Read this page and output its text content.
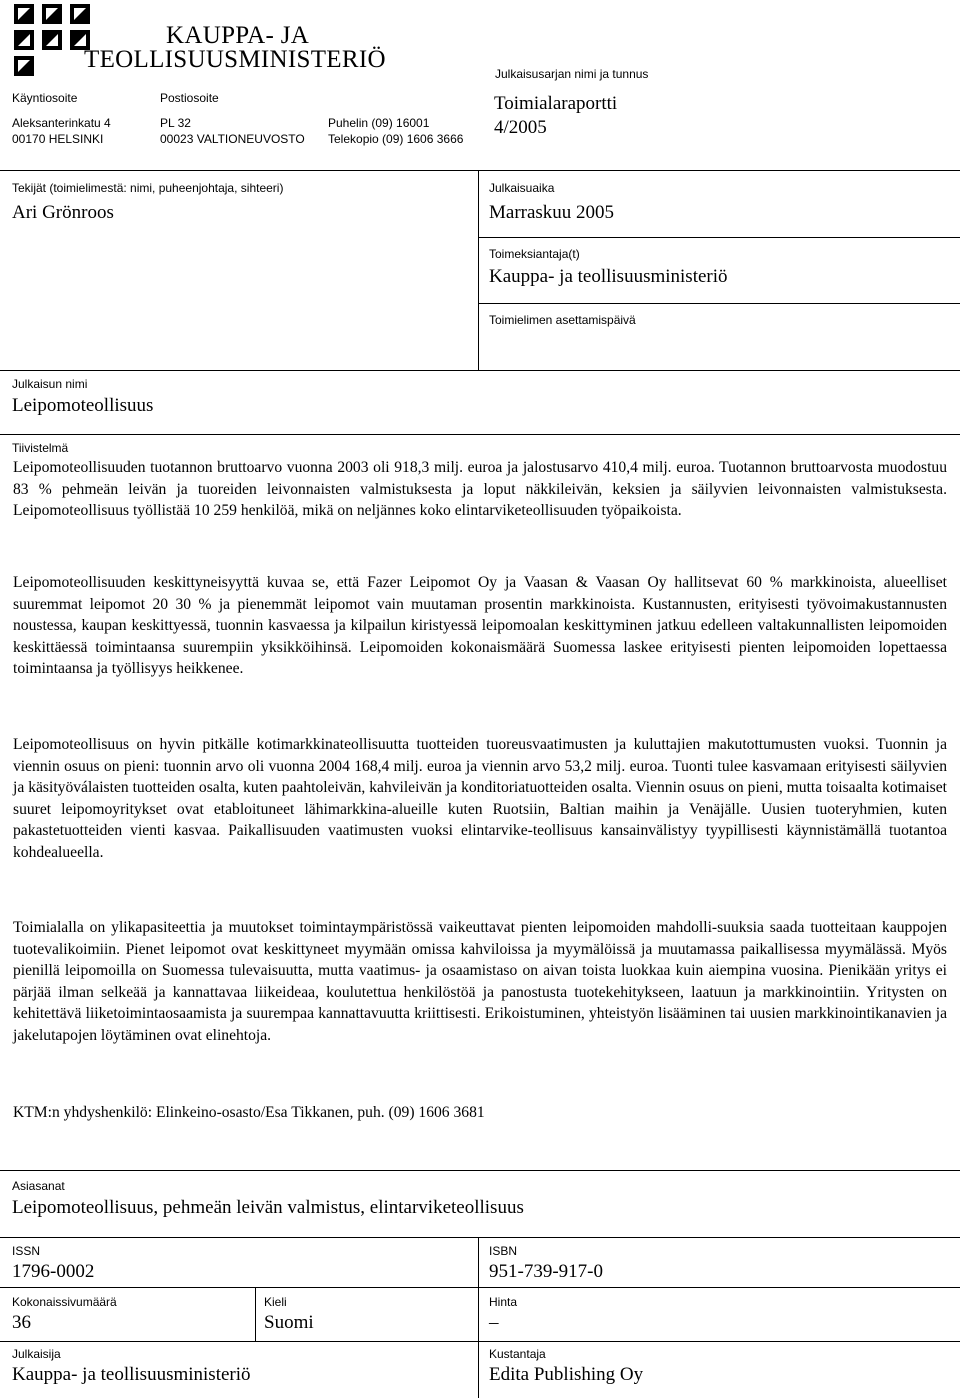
KAUPPA- JA
TEOLLISUUSMINISTERIÖ
Käyntiosoite
Aleksanterinkatu 4
00170 HELSINKI
Postiosoite
PL 32
00023 VALTIONEUVOSTO
Puhelin (09) 16001
Telekopio (09) 1606 3666
Julkaisusarjan nimi ja tunnus
Toimialaraportti
4/2005
Tekijät (toimielimestä: nimi, puheenjohtaja, sihteeri)
Ari Grönroos
Julkaisuaika
Marraskuu 2005
Toimeksiantaja(t)
Kauppa- ja teollisuusministeriö
Toimielimen asettamispäivä
Julkaisun nimi
Leipomoteollisuus
Tiivistelmä
Leipomoteollisuuden tuotannon bruttoarvo vuonna 2003 oli 918,3 milj. euroa ja jalostusarvo 410,4 milj. euroa. Tuotannon bruttoarvosta muodostuu 83 % pehmeän leivän ja tuoreiden leivonnaisten valmistuksesta ja loput näkkileivän, keksien ja säilyvien leivonnaisten valmistuksesta. Leipomoteollisuus työllistää 10 259 henkilöä, mikä on neljännes koko elintarviketeollisuuden työpaikoista.
Leipomoteollisuuden keskittyneisyyttä kuvaa se, että Fazer Leipomot Oy ja Vaasan & Vaasan Oy hallitsevat 60 % markkinoista, alueelliset suuremmat leipomot 20 30 % ja pienemmät leipomot vain muutaman prosentin markkinoista. Kustannusten, erityisesti työvoimakustannusten noustessa, kaupan keskittyessä, tuonnin kasvaessa ja kilpailun kiristyessä leipomoalan keskittyminen jatkuu edelleen valtakunnallisten leipomoiden keskittäessä toimintaansa suurempiin yksikköihinsä. Leipomoiden kokonaismäärä Suomessa laskee erityisesti pienten leipomoiden lopettaessa toimintaansa ja työllisyys heikkenee.
Leipomoteollisuus on hyvin pitkälle kotimarkkinateollisuutta tuotteiden tuoreusvaatimusten ja kuluttajien makutottumusten vuoksi. Tuonnin ja viennin osuus on pieni: tuonnin arvo oli vuonna 2004 168,4 milj. euroa ja viennin arvo 53,2 milj. euroa. Tuonti tulee kasvamaan erityisesti säilyvien ja käsityöválaisten tuotteiden osalta, kuten paahtoleivän, kahvileivän ja konditoriatuotteiden osalta. Viennin osuus on pieni, mutta toisaalta kotimaiset suuret leipomoyritykset ovat etabloituneet lähimarkkina-alueille kuten Ruotsiin, Baltian maihin ja Venäjälle. Uusien tuoteryhmien, kuten pakastetuotteiden vienti kasvaa. Paikallisuuden vaatimusten vuoksi elintarvike-teollisuus kansainvälistyy tyypillisesti käynnistämällä tuotantoa kohdealueella.
Toimialalla on ylikapasiteettia ja muutokset toimintaympäristössä vaikeuttavat pienten leipomoiden mahdolli-suuksia saada tuotteitaan kauppojen tuotevalikoimiin. Pienet leipomot ovat keskittyneet myymään omissa kahviloissa ja myymälöissä ja muutamassa paikallisessa myymälässä. Myös pienillä leipomoilla on Suomessa tulevaisuutta, mutta vaatimus- ja osaamistaso on aivan toista luokkaa kuin aiempina vuosina. Pienikään yritys ei pärjää ilman selkeää ja kannattavaa liikeideaa, koulutettua henkilöstöä ja panostusta tuotekehitykseen, laatuun ja markkinointiin. Yritysten on kehitettävä liiketoimintaosaamista ja suurempaa kannattavuutta kriittisesti. Erikoistuminen, yhteistyön lisääminen tai uusien markkinointikanavien ja jakelutapojen löytäminen ovat elinehtoja.
KTM:n yhdyshenkilö: Elinkeino-osasto/Esa Tikkanen, puh. (09) 1606 3681
Asiasanat
Leipomoteollisuus, pehmeän leivän valmistus, elintarviketeollisuus
ISSN
1796-0002
ISBN
951-739-917-0
Kokonaissivumäärä
36
Kieli
Suomi
Hinta
–
Julkaisija
Kauppa- ja teollisuusministeriö
Kustantaja
Edita Publishing Oy
